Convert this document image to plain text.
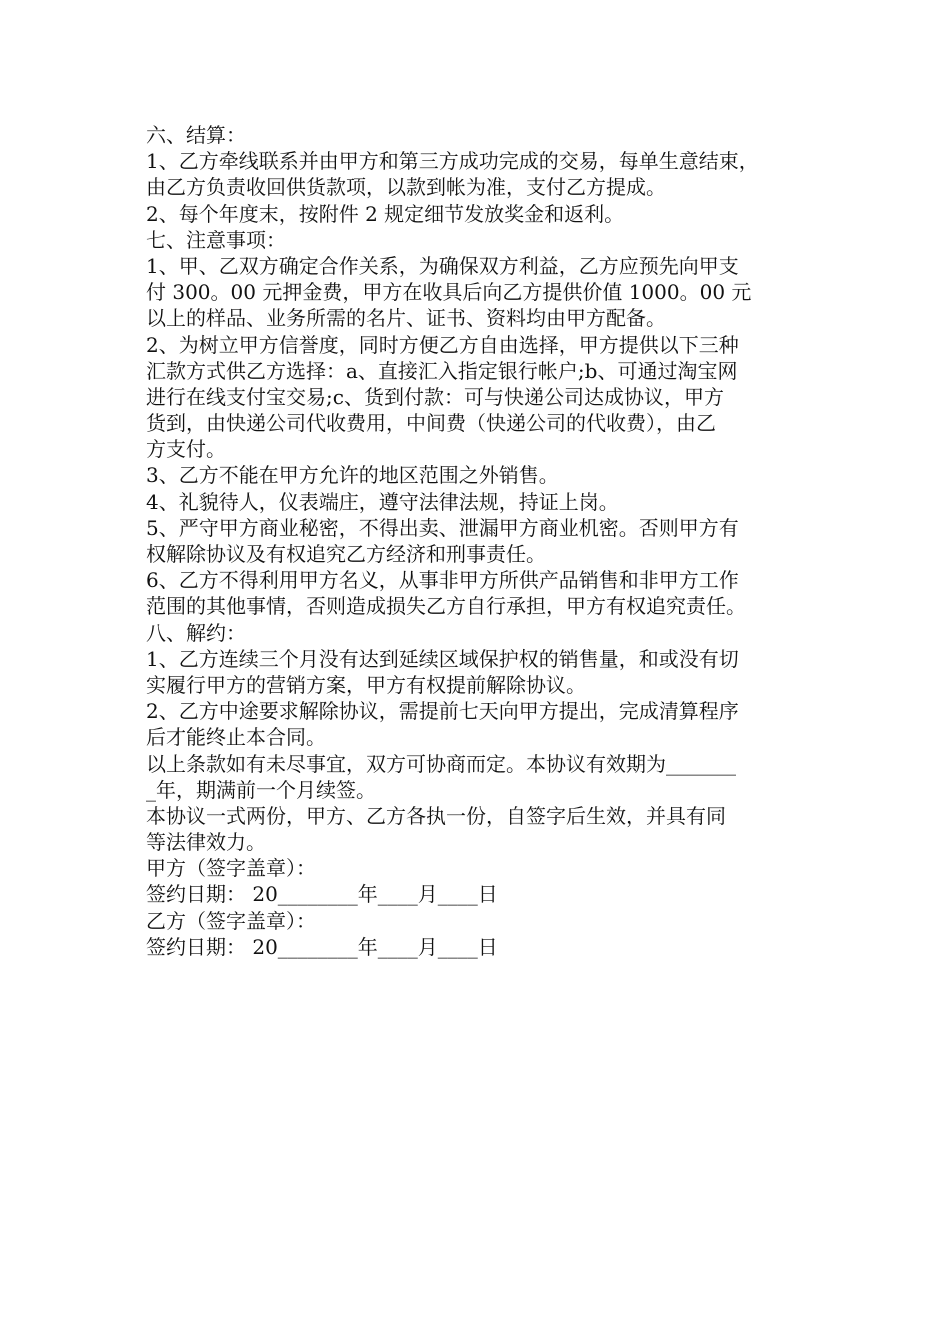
六、结算：
1、乙方牵线联系并由甲方和第三方成功完成的交易，每单生意结束，
由乙方负责收回供货款项，以款到帐为准，支付乙方提成。
2、每个年度末，按附件 2 规定细节发放奖金和返利。
七、注意事项：
1、甲、乙双方确定合作关系，为确保双方利益，乙方应预先向甲支
付 300。00 元押金费，甲方在收具后向乙方提供价值 1000。00 元
以上的样品、业务所需的名片、证书、资料均由甲方配备。
2、为树立甲方信誉度，同时方便乙方自由选择，甲方提供以下三种
汇款方式供乙方选择：a、直接汇入指定银行帐户;b、可通过淘宝网
进行在线支付宝交易;c、货到付款：可与快递公司达成协议，甲方
货到，由快递公司代收费用，中间费（快递公司的代收费），由乙
方支付。
3、乙方不能在甲方允许的地区范围之外销售。
4、礼貌待人，仪表端庄，遵守法律法规，持证上岗。
5、严守甲方商业秘密，不得出卖、泄漏甲方商业机密。否则甲方有
权解除协议及有权追究乙方经济和刑事责任。
6、乙方不得利用甲方名义，从事非甲方所供产品销售和非甲方工作
范围的其他事情，否则造成损失乙方自行承担，甲方有权追究责任。
八、解约：
1、乙方连续三个月没有达到延续区域保护权的销售量，和或没有切
实履行甲方的营销方案，甲方有权提前解除协议。
2、乙方中途要求解除协议，需提前七天向甲方提出，完成清算程序
后才能终止本合同。
以上条款如有未尽事宜，双方可协商而定。本协议有效期为_______
_年，期满前一个月续签。
本协议一式两份，甲方、乙方各执一份，自签字后生效，并具有同
等法律效力。
甲方（签字盖章）：
签约日期： 20________年____月____日
乙方（签字盖章）：
签约日期： 20________年____月____日
